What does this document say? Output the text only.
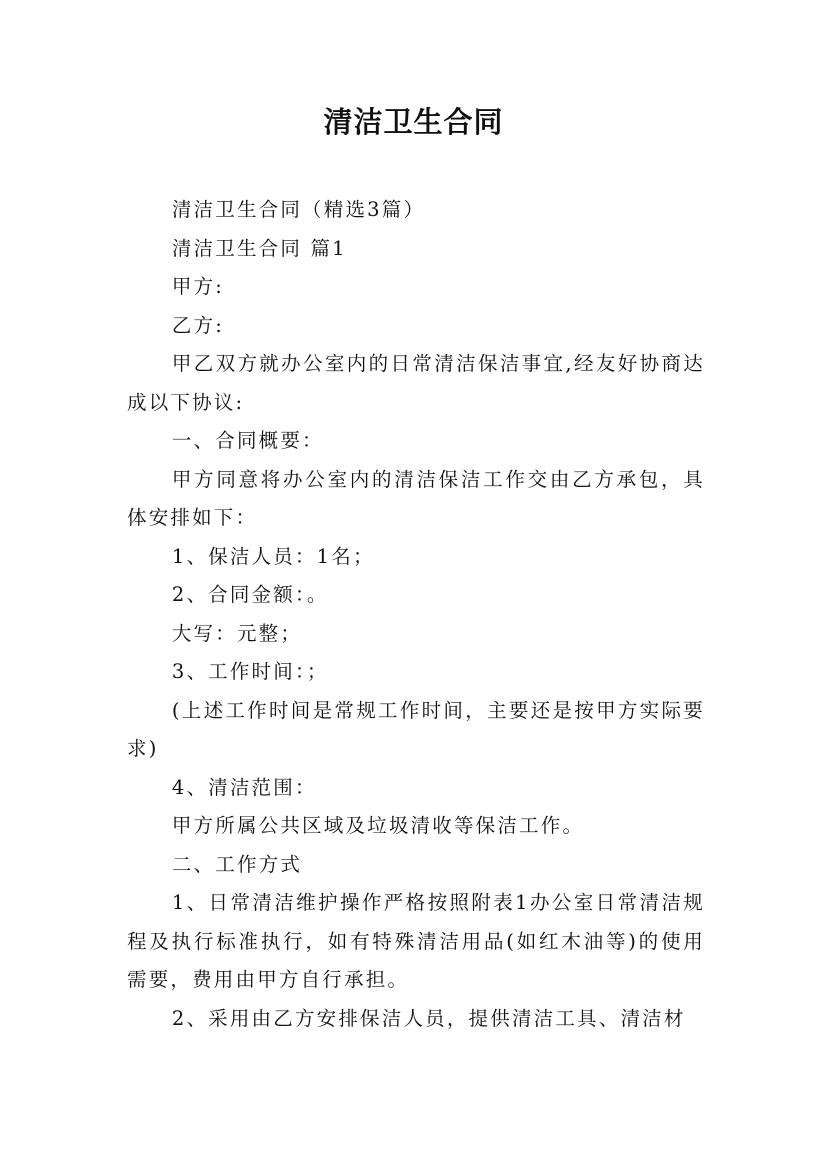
清洁卫生合同

清洁卫生合同（精选3篇）

清洁卫生合同 篇1

甲方:

乙方:

甲乙双方就办公室内的日常清洁保洁事宜,经友好协商达成以下协议:

一、合同概要：

甲方同意将办公室内的清洁保洁工作交由乙方承包，具体安排如下：

1、保洁人员：1名；

2、合同金额：。

大写：元整；

3、工作时间：；

(上述工作时间是常规工作时间，主要还是按甲方实际要求)

4、清洁范围：

甲方所属公共区域及垃圾清收等保洁工作。

二、工作方式

1、日常清洁维护操作严格按照附表1办公室日常清洁规程及执行标准执行，如有特殊清洁用品(如红木油等)的使用需要，费用由甲方自行承担。

2、采用由乙方安排保洁人员，提供清洁工具、清洁材
